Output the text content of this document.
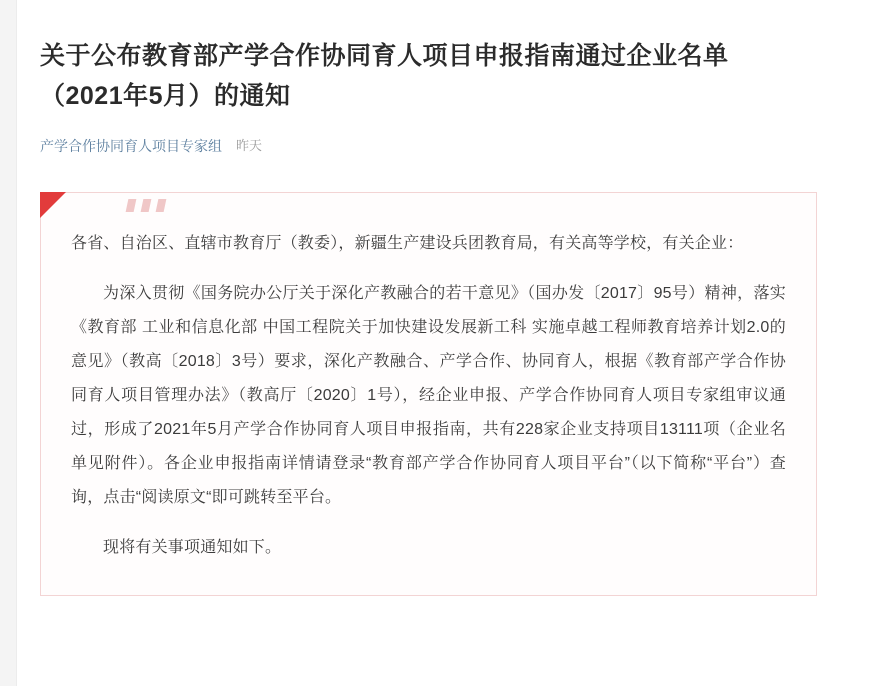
关于公布教育部产学合作协同育人项目申报指南通过企业名单（2021年5月）的通知
产学合作协同育人项目专家组 昨天

各省、自治区、直辖市教育厅（教委），新疆生产建设兵团教育局，有关高等学校，有关企业：

为深入贯彻《国务院办公厅关于深化产教融合的若干意见》（国办发〔2017〕95号）精神，落实《教育部 工业和信息化部 中国工程院关于加快建设发展新工科 实施卓越工程师教育培养计划2.0的意见》（教高〔2018〕3号）要求，深化产教融合、产学合作、协同育人，根据《教育部产学合作协同育人项目管理办法》（教高厅〔2020〕1号），经企业申报、产学合作协同育人项目专家组审议通过，形成了2021年5月产学合作协同育人项目申报指南，共有228家企业支持项目13111项（企业名单见附件）。各企业申报指南详情请登录“教育部产学合作协同育人项目平台”（以下简称“平台”）查询，点击“阅读原文“即可跳转至平台。

现将有关事项通知如下。
